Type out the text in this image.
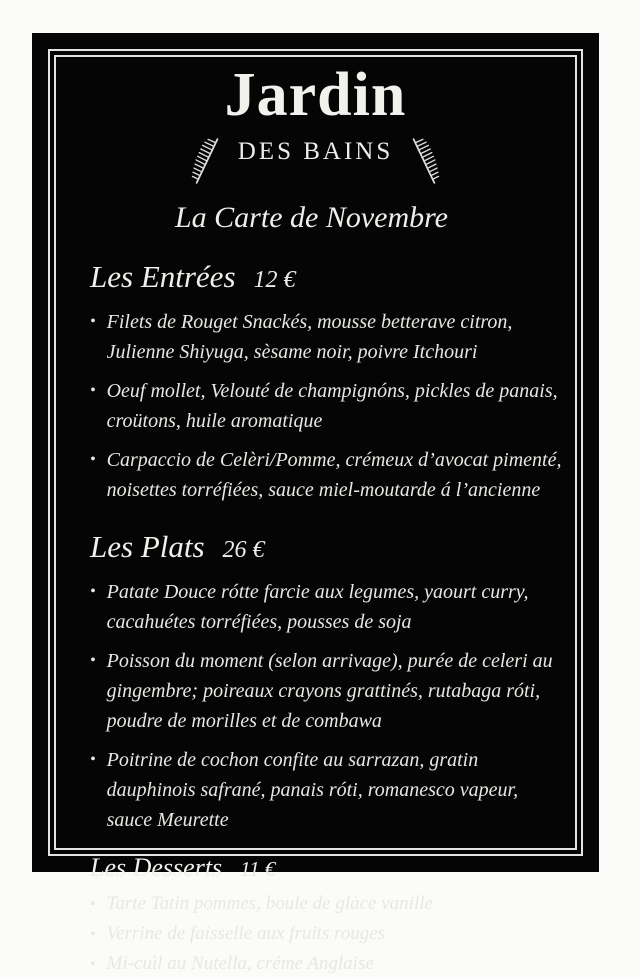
Jardin
DES BAINS
La Carte de Novembre
Les Entrées 12 €
• Filets de Rouget Snackés, mousse betterave citron, Julienne Shiyuga, sèsame noir, poivre Itchouri
• Oeuf mollet, Velouté de champignóns, pickles de panais, croütons, huile aromatique
• Carpaccio de Celèri/Pomme, crémeux d’avocat pimenté, noisettes torréfiées, sauce miel-moutarde á l’ancienne
Les Plats 26 €
• Patate Douce rótte farcie aux legumes, yaourt curry, cacahuétes torréfiées, pousses de soja
• Poisson du moment (selon arrivage), purée de celeri au gingembre; poireaux crayons grattinés, rutabaga róti, poudre de morilles et de combawa
• Poitrine de cochon confite au sarrazan, gratin dauphinois safrané, panais róti, romanesco vapeur, sauce Meurette
Les Desserts 11 €
• Tarte Tatin pommes, boule de glàce vanille
• Verrine de faisselle aux fruits rouges
• Mi-cuìl au Nutella, créme Anglaise
